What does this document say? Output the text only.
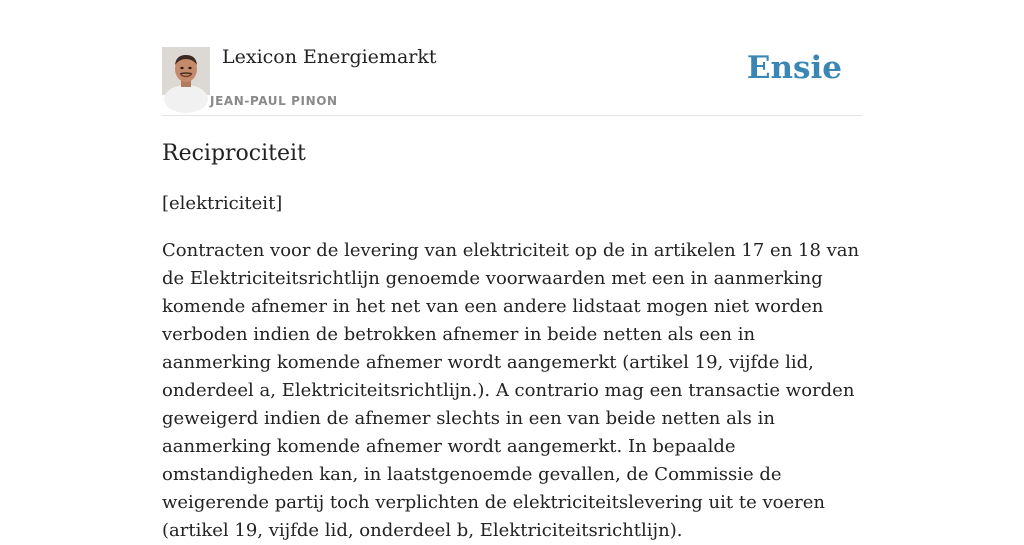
Lexicon Energiemarkt
JEAN-PAUL PINON
Ensie
Reciprociteit

[elektriciteit]

Contracten voor de levering van elektriciteit op de in artikelen 17 en 18 van de Elektriciteitsrichtlijn genoemde voorwaarden met een in aanmerking komende afnemer in het net van een andere lidstaat mogen niet worden verboden indien de betrokken afnemer in beide netten als een in aanmerking komende afnemer wordt aangemerkt (artikel 19, vijfde lid, onderdeel a, Elektriciteitsrichtlijn.). A contrario mag een transactie worden geweigerd indien de afnemer slechts in een van beide netten als in aanmerking komende afnemer wordt aangemerkt. In bepaalde omstandigheden kan, in laatstgenoemde gevallen, de Commissie de weigerende partij toch verplichten de elektriciteitslevering uit te voeren (artikel 19, vijfde lid, onderdeel b, Elektriciteitsrichtlijn).
